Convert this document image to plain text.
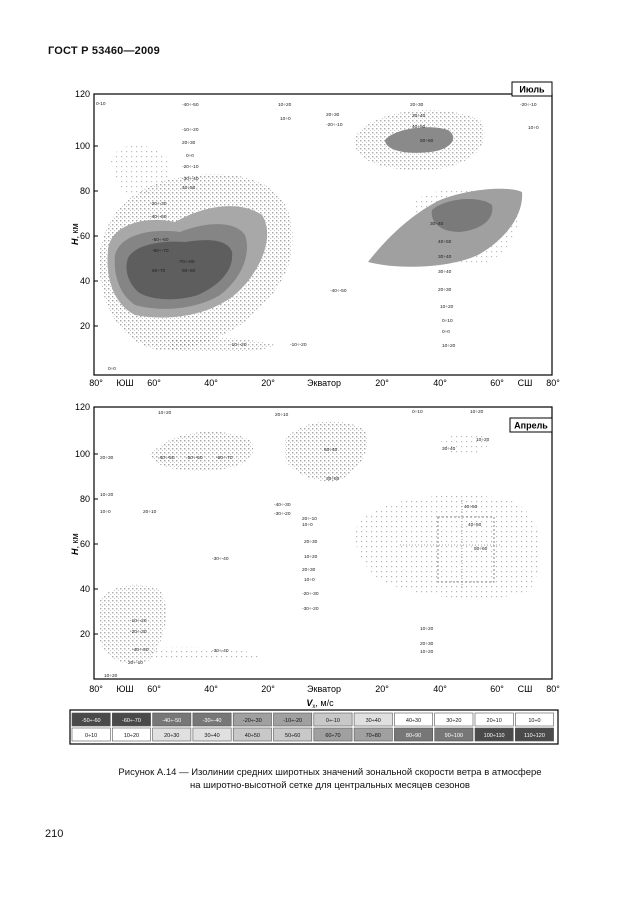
ГОСТ Р 53460—2009
0-10	-40÷-50
-10÷-20
20÷30
0÷0
-20÷-10
-30÷-40
40÷50
-20÷-30
-40÷-50
-50÷-60
-60÷-70
-70÷-80
60÷70	50÷60
-10÷-20	-10÷-20
10÷20
10÷0
20÷30
-20÷-10
-40÷-50
20÷30
30÷40
40÷50
50÷60
-20÷-10
10÷0
30÷40
40÷50
30÷40
30÷40
20÷30
10÷20
0÷10
0÷0
10÷20
0÷0
Июль
120
100
80
60
40
20
H, км
80° ЮШ 60°	40°	20°	Экватор	20°	40°	60° СШ 80°
10÷20	20÷10
0÷10	10÷20
20÷30	-40÷-50 -50÷-60	-60÷-70
60÷40
30÷50
10÷20
10÷0	20÷10
-40÷-30
-30÷-20
20÷-10
10÷0
20÷30
10÷20
20÷30
10÷0
-20÷-30
-30÷-20
-30÷-40
-10÷-20
-20÷-30
-40÷-50
20÷-10
-30÷-40
10÷20
30÷40
10÷20
40÷50
40÷50
50÷60
10÷20
20÷30
10÷20
Апрель
120
100
80
60
40
20
H, км
80° ЮШ 60°	40°	20°	Экватор	20°	40°	60° СШ 80°
$V_x$, м/с
-50÷-60	-60÷-70	-40÷-50	-30÷-40	-20÷-30	-10÷-20	0÷-10	30÷40	40÷30	30÷20	20÷10	10÷0
0÷10	10÷20	20÷30	30÷40	40÷50	50÷60	60÷70	70÷80	80÷90	90÷100	100÷110	110÷120
Рисунок А.14 — Изолинии средних широтных значений зональной скорости ветра в атмосфере
на широтно-высотной сетке для центральных месяцев сезонов
210
